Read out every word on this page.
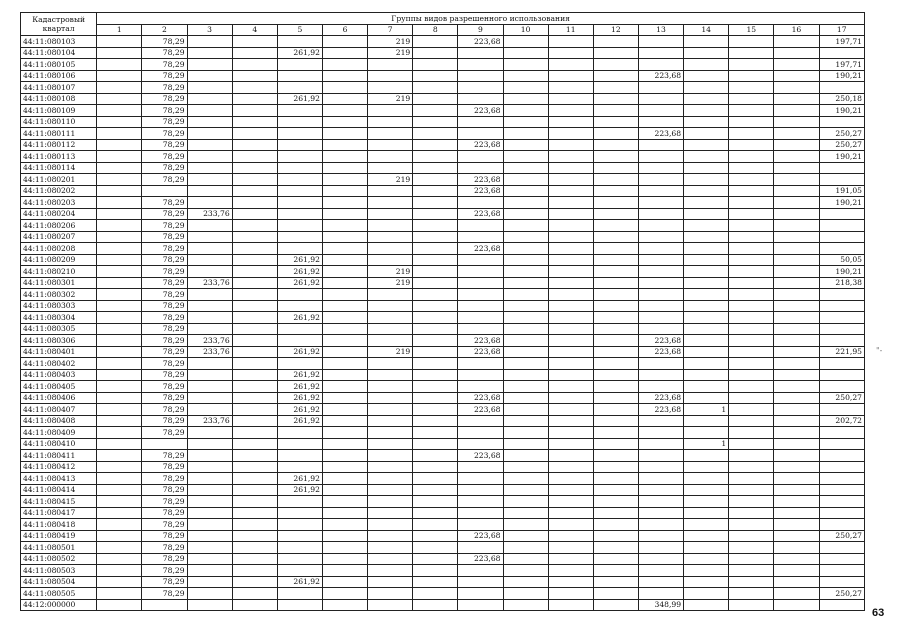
Кадастровый
квартал	Группы видов разрешенного использования																
	1	2	3	4	5	6	7	8	9	10	11	12	13	14	15	16	17
44:11:080103		78,29					219		223,68								197,71
44:11:080104		78,29			261,92		219										
44:11:080105		78,29															197,71
44:11:080106		78,29											223,68				190,21
44:11:080107		78,29															
44:11:080108		78,29			261,92		219										250,18
44:11:080109		78,29							223,68								190,21
44:11:080110		78,29															
44:11:080111		78,29											223,68				250,27
44:11:080112		78,29							223,68								250,27
44:11:080113		78,29															190,21
44:11:080114		78,29															
44:11:080201		78,29					219		223,68								
44:11:080202									223,68								191,05
44:11:080203		78,29															190,21
44:11:080204		78,29	233,76						223,68								
44:11:080206		78,29															
44:11:080207		78,29															
44:11:080208		78,29							223,68								
44:11:080209		78,29			261,92												50,05
44:11:080210		78,29			261,92		219										190,21
44:11:080301		78,29	233,76		261,92		219										218,38
44:11:080302		78,29															
44:11:080303		78,29															
44:11:080304		78,29			261,92												
44:11:080305		78,29															
44:11:080306		78,29	233,76						223,68				223,68				
44:11:080401		78,29	233,76		261,92		219		223,68				223,68				221,95
44:11:080402		78,29															
44:11:080403		78,29			261,92												
44:11:080405		78,29			261,92												
44:11:080406		78,29			261,92				223,68				223,68				250,27
44:11:080407		78,29			261,92				223,68				223,68	1			
44:11:080408		78,29	233,76		261,92												202,72
44:11:080409		78,29															
44:11:080410														1			
44:11:080411		78,29							223,68								
44:11:080412		78,29															
44:11:080413		78,29			261,92												
44:11:080414		78,29			261,92												
44:11:080415		78,29															
44:11:080417		78,29															
44:11:080418		78,29															
44:11:080419		78,29							223,68								250,27
44:11:080501		78,29															
44:11:080502		78,29							223,68								
44:11:080503		78,29															
44:11:080504		78,29			261,92												
44:11:080505		78,29															250,27
44:12:000000													348,99				
63
"-
